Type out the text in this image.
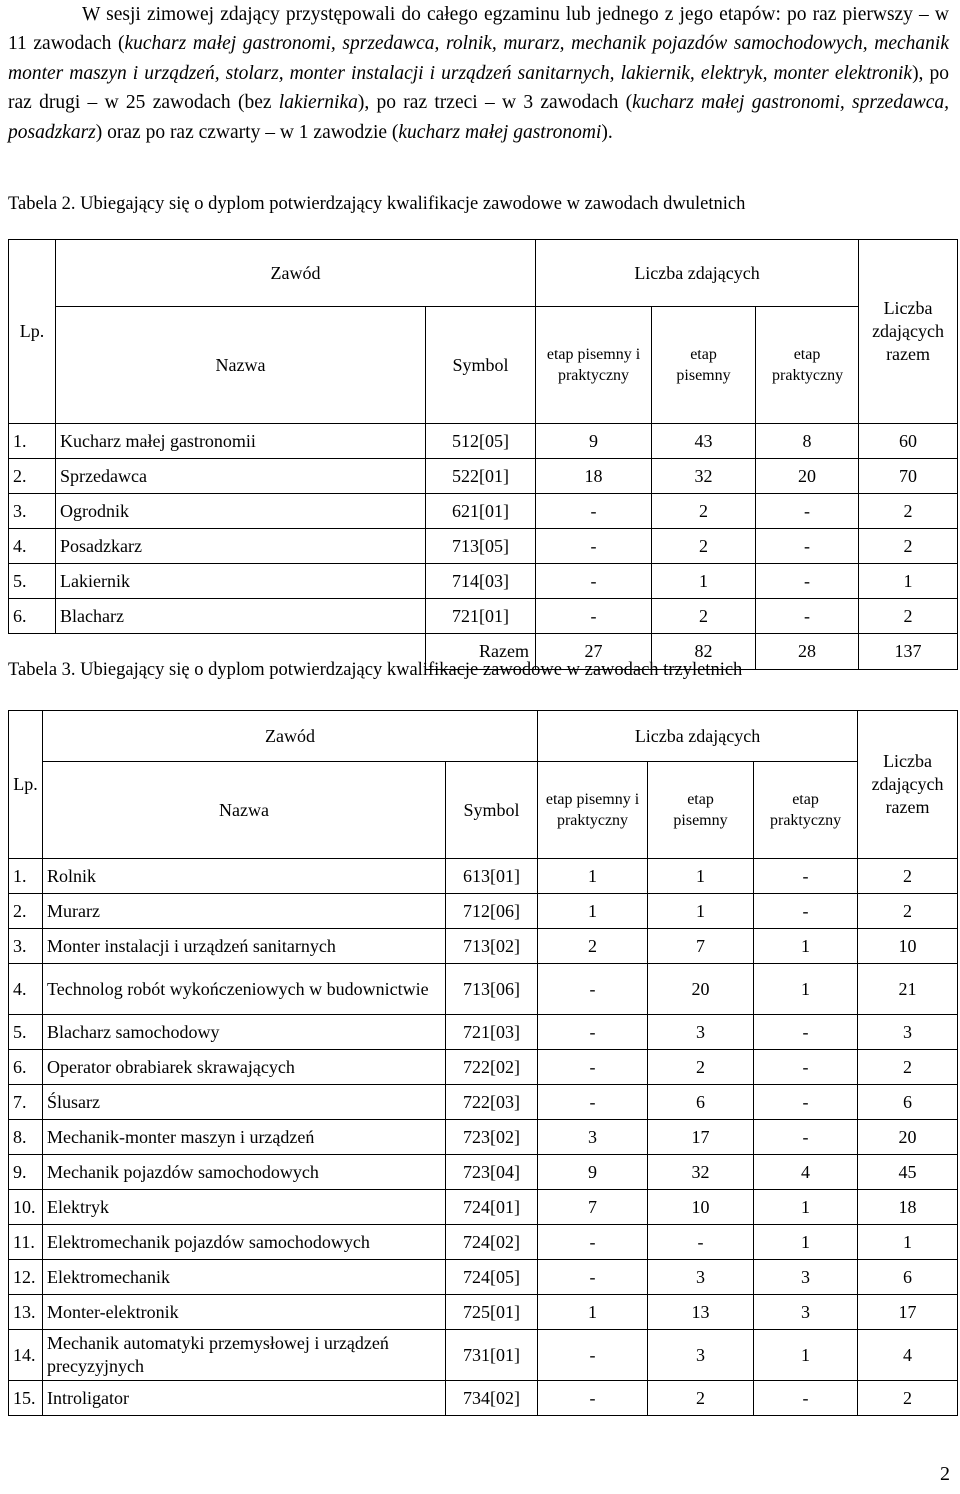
W sesji zimowej zdający przystępowali do całego egzaminu lub jednego z jego etapów: po raz pierwszy – w 11 zawodach (kucharz małej gastronomi, sprzedawca, rolnik, murarz, mechanik pojazdów samochodowych, mechanik monter maszyn i urządzeń, stolarz, monter instalacji i urządzeń sanitarnych, lakiernik, elektryk, monter elektronik), po raz drugi – w 25 zawodach (bez lakiernika), po raz trzeci – w 3 zawodach (kucharz małej gastronomi, sprzedawca, posadzkarz) oraz po raz czwarty – w 1 zawodzie (kucharz małej gastronomi).

Tabela 2. Ubiegający się o dyplom potwierdzający kwalifikacje zawodowe w zawodach dwuletnich

Lp.	Zawód		Liczba zdających			Liczba zdających razem
	Nazwa	Symbol	etap pisemny i praktyczny	etap pisemny	etap praktyczny	
1.	Kucharz małej gastronomii	512[05]	9	43	8	60
2.	Sprzedawca	522[01]	18	32	20	70
3.	Ogrodnik	621[01]	-	2	-	2
4.	Posadzkarz	713[05]	-	2	-	2
5.	Lakiernik	714[03]	-	1	-	1
6.	Blacharz	721[01]	-	2	-	2
		Razem	27	82	28	137

Tabela 3. Ubiegający się o dyplom potwierdzający kwalifikacje zawodowe w zawodach trzyletnich

Lp.	Zawód		Liczba zdających			Liczba zdających razem
	Nazwa	Symbol	etap pisemny i praktyczny	etap pisemny	etap praktyczny	
1.	Rolnik	613[01]	1	1	-	2
2.	Murarz	712[06]	1	1	-	2
3.	Monter instalacji i urządzeń sanitarnych	713[02]	2	7	1	10
4.	Technolog robót wykończeniowych w budownictwie	713[06]	-	20	1	21
5.	Blacharz samochodowy	721[03]	-	3	-	3
6.	Operator obrabiarek skrawających	722[02]	-	2	-	2
7.	Ślusarz	722[03]	-	6	-	6
8.	Mechanik-monter maszyn i urządzeń	723[02]	3	17	-	20
9.	Mechanik pojazdów samochodowych	723[04]	9	32	4	45
10.	Elektryk	724[01]	7	10	1	18
11.	Elektromechanik pojazdów samochodowych	724[02]	-	-	1	1
12.	Elektromechanik	724[05]	-	3	3	6
13.	Monter-elektronik	725[01]	1	13	3	17
14.	Mechanik automatyki przemysłowej i urządzeń precyzyjnych	731[01]	-	3	1	4
15.	Introligator	734[02]	-	2	-	2
2
